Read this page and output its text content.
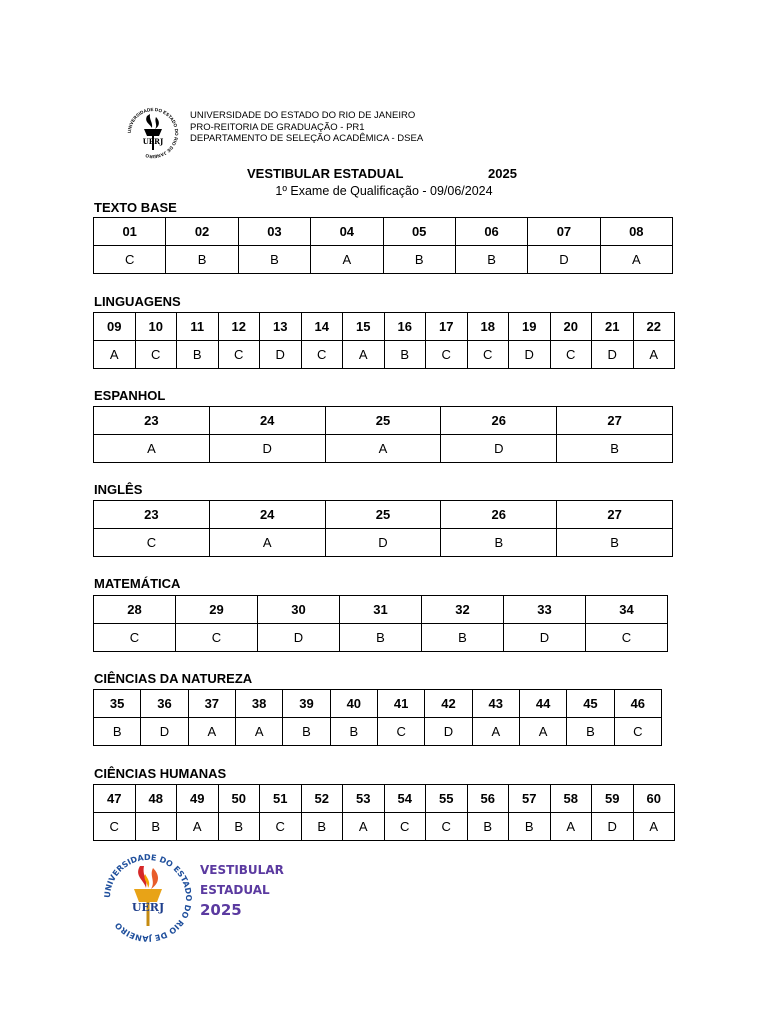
UNIVERSIDADE DO ESTADO DO RIO DE JANEIRO
UERJ
UNIVERSIDADE DO ESTADO DO RIO DE JANEIRO
PRO-REITORIA DE GRADUAÇÃO - PR1
DEPARTAMENTO DE SELEÇÃO ACADÊMICA - DSEA
VESTIBULAR ESTADUAL	2025
1º Exame de Qualificação - 09/06/2024
TEXTO BASE
01	02	03	04	05	06	07	08
C	B	B	A	B	B	D	A
LINGUAGENS
09	10	11	12	13	14	15	16	17	18	19	20	21	22
A	C	B	C	D	C	A	B	C	C	D	C	D	A
ESPANHOL
23	24	25	26	27
A	D	A	D	B
INGLÊS
23	24	25	26	27
C	A	D	B	B
MATEMÁTICA
28	29	30	31	32	33	34
C	C	D	B	B	D	C
CIÊNCIAS DA NATUREZA
35	36	37	38	39	40	41	42	43	44	45	46
B	D	A	A	B	B	C	D	A	A	B	C
CIÊNCIAS HUMANAS
47	48	49	50	51	52	53	54	55	56	57	58	59	60
C	B	A	B	C	B	A	C	C	B	B	A	D	A
UNIVERSIDADE DO ESTADO DO RIO DE JANEIRO
UERJ
VESTIBULAR
ESTADUAL
2025
